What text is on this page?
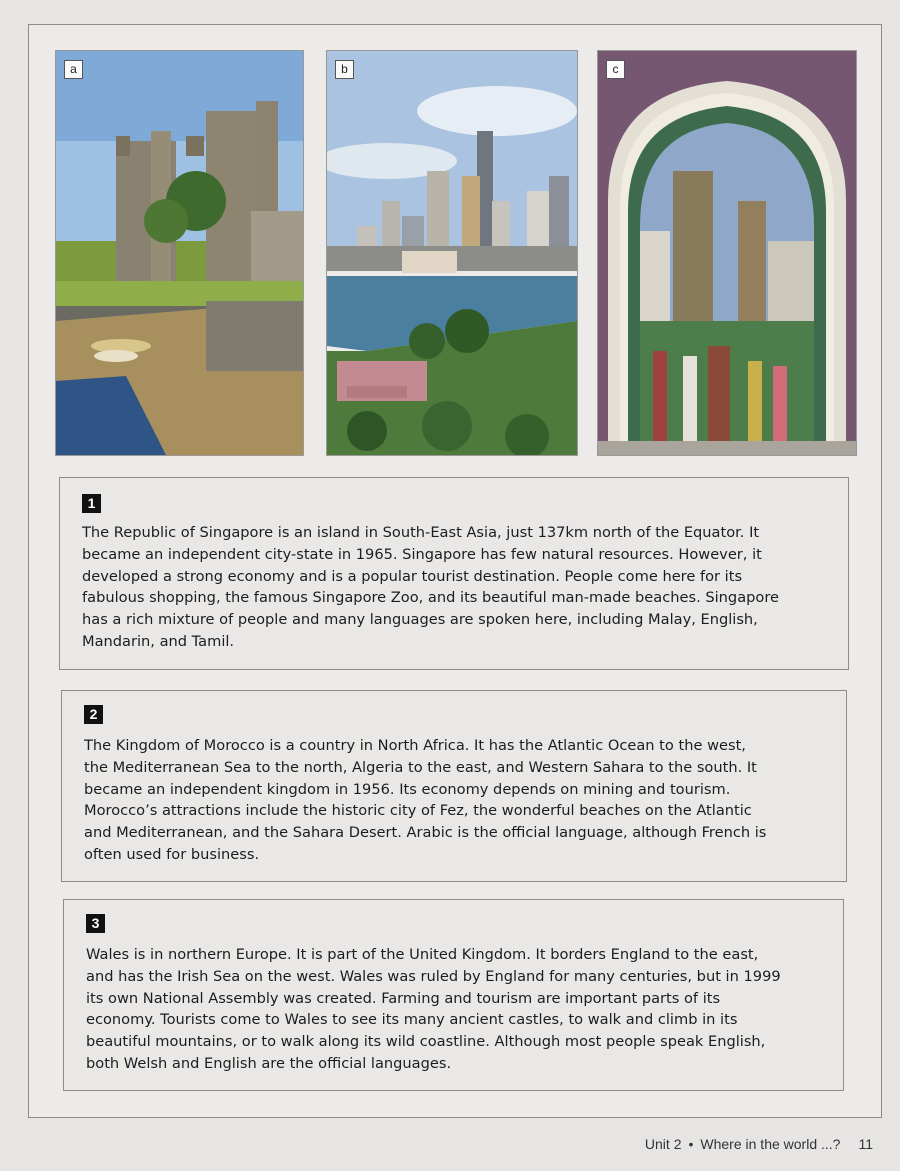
a	b	c
1
The Republic of Singapore is an island in South-East Asia, just 137km north of the Equator. It
became an independent city-state in 1965. Singapore has few natural resources. However, it
developed a strong economy and is a popular tourist destination. People come here for its
fabulous shopping, the famous Singapore Zoo, and its beautiful man-made beaches. Singapore
has a rich mixture of people and many languages are spoken here, including Malay, English,
Mandarin, and Tamil.
2
The Kingdom of Morocco is a country in North Africa. It has the Atlantic Ocean to the west,
the Mediterranean Sea to the north, Algeria to the east, and Western Sahara to the south. It
became an independent kingdom in 1956. Its economy depends on mining and tourism.
Morocco’s attractions include the historic city of Fez, the wonderful beaches on the Atlantic
and Mediterranean, and the Sahara Desert. Arabic is the official language, although French is
often used for business.
3
Wales is in northern Europe. It is part of the United Kingdom. It borders England to the east,
and has the Irish Sea on the west. Wales was ruled by England for many centuries, but in 1999
its own National Assembly was created. Farming and tourism are important parts of its
economy. Tourists come to Wales to see its many ancient castles, to walk and climb in its
beautiful mountains, or to walk along its wild coastline. Although most people speak English,
both Welsh and English are the official languages.
Unit 2 • Where in the world ...? 11
